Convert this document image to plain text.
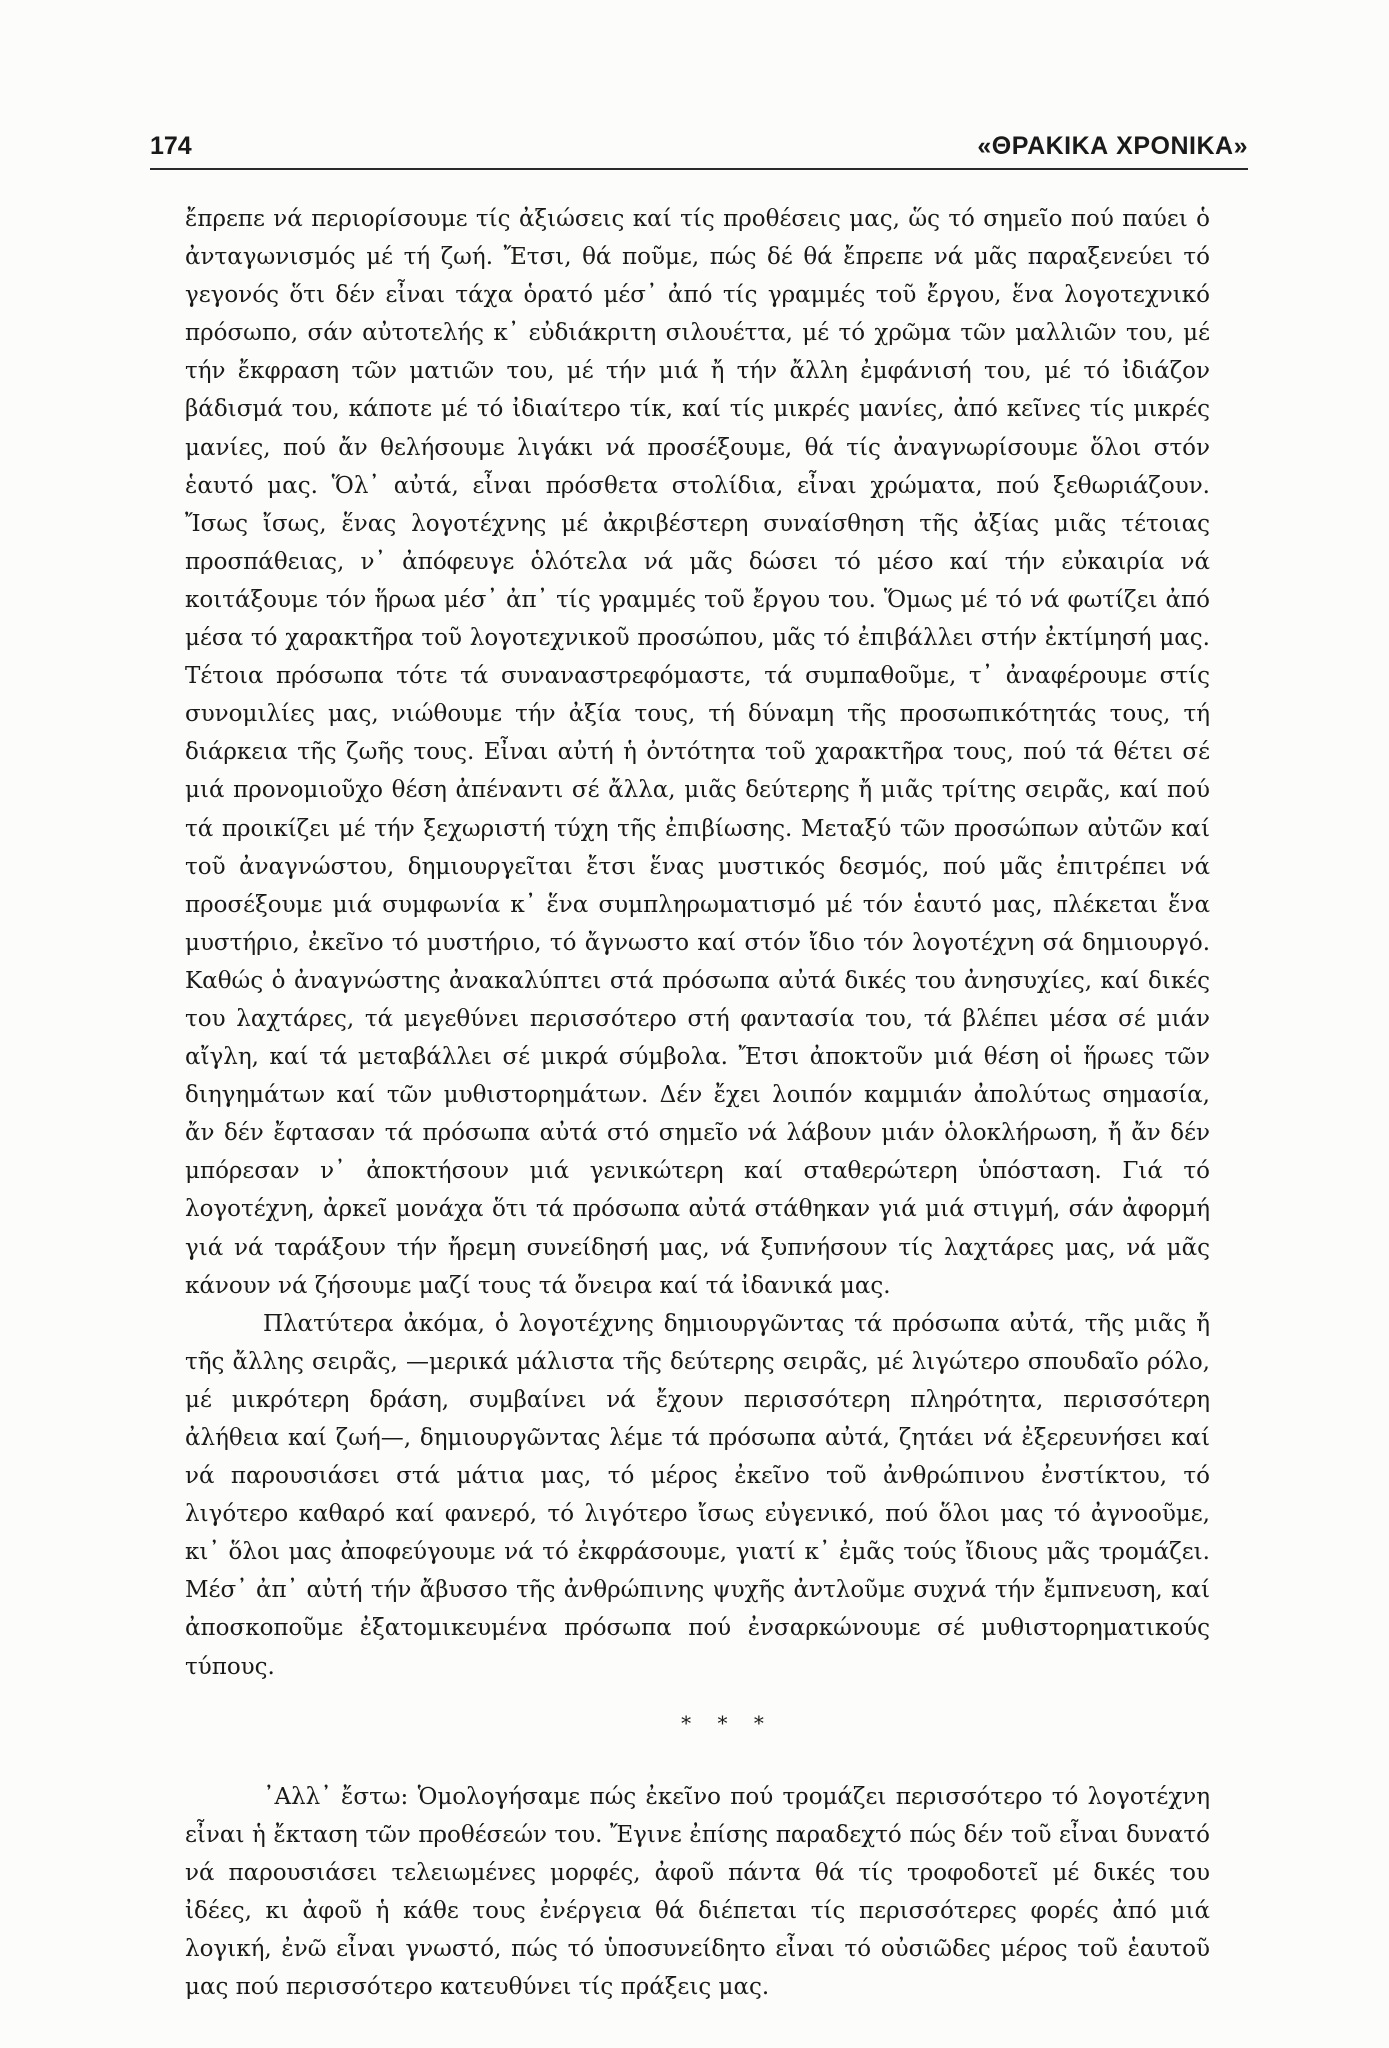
174	«ΘΡΑΚΙΚΑ ΧΡΟΝΙΚΑ»

ἔπρεπε νά περιορίσουμε τίς ἀξιώσεις καί τίς προθέσεις μας, ὥς τό σημεῖο πού παύει ὁ ἀνταγωνισμός μέ τή ζωή. Ἔτσι, θά ποῦμε, πώς δέ θά ἔπρεπε νά μᾶς παραξενεύει τό γεγονός ὅτι δέν εἶναι τάχα ὁρατό μέσ᾽ ἀπό τίς γραμμές τοῦ ἔργου, ἕνα λογοτεχνικό πρόσωπο, σάν αὐτοτελής κ᾽ εὐδιάκριτη σιλουέττα, μέ τό χρῶμα τῶν μαλλιῶν του, μέ τήν ἔκφραση τῶν ματιῶν του, μέ τήν μιά ἤ τήν ἄλλη ἐμφάνισή του, μέ τό ἰδιάζον βάδισμά του, κάποτε μέ τό ἰδιαίτερο τίκ, καί τίς μικρές μανίες, ἀπό κεῖνες τίς μικρές μανίες, πού ἄν θελήσουμε λιγάκι νά προσέξουμε, θά τίς ἀναγνωρίσουμε ὅλοι στόν ἑαυτό μας. Ὅλ᾽ αὐτά, εἶναι πρόσθετα στολίδια, εἶναι χρώματα, πού ξεθωριάζουν. Ἴσως ἴσως, ἕνας λογοτέχνης μέ ἀκριβέστερη συναίσθηση τῆς ἀξίας μιᾶς τέτοιας προσπάθειας, ν᾽ ἀπόφευγε ὁλότελα νά μᾶς δώσει τό μέσο καί τήν εὐκαιρία νά κοιτάξουμε τόν ἥρωα μέσ᾽ ἀπ᾽ τίς γραμμές τοῦ ἔργου του. Ὅμως μέ τό νά φωτίζει ἀπό μέσα τό χαρακτῆρα τοῦ λογοτεχνικοῦ προσώπου, μᾶς τό ἐπιβάλλει στήν ἐκτίμησή μας. Τέτοια πρόσωπα τότε τά συναναστρεφόμαστε, τά συμπαθοῦμε, τ᾽ ἀναφέρουμε στίς συνομιλίες μας, νιώθουμε τήν ἀξία τους, τή δύναμη τῆς προσωπικότητάς τους, τή διάρκεια τῆς ζωῆς τους. Εἶναι αὐτή ἡ ὀντότητα τοῦ χαρακτῆρα τους, πού τά θέτει σέ μιά προνομιοῦχο θέση ἀπέναντι σέ ἄλλα, μιᾶς δεύτερης ἤ μιᾶς τρίτης σειρᾶς, καί πού τά προικίζει μέ τήν ξεχωριστή τύχη τῆς ἐπιβίωσης. Μεταξύ τῶν προσώπων αὐτῶν καί τοῦ ἀναγνώστου, δημιουργεῖται ἔτσι ἕνας μυστικός δεσμός, πού μᾶς ἐπιτρέπει νά προσέξουμε μιά συμφωνία κ᾽ ἕνα συμπληρωματισμό μέ τόν ἑαυτό μας, πλέκεται ἕνα μυστήριο, ἐκεῖνο τό μυστήριο, τό ἄγνωστο καί στόν ἴδιο τόν λογοτέχνη σά δημιουργό. Καθώς ὁ ἀναγνώστης ἀνακαλύπτει στά πρόσωπα αὐτά δικές του ἀνησυχίες, καί δικές του λαχτάρες, τά μεγεθύνει περισσότερο στή φαντασία του, τά βλέπει μέσα σέ μιάν αἴγλη, καί τά μεταβάλλει σέ μικρά σύμβολα. Ἔτσι ἀποκτοῦν μιά θέση οἱ ἥρωες τῶν διηγημάτων καί τῶν μυθιστορημάτων. Δέν ἔχει λοιπόν καμμιάν ἀπολύτως σημασία, ἄν δέν ἔφτασαν τά πρόσωπα αὐτά στό σημεῖο νά λάβουν μιάν ὁλοκλήρωση, ἤ ἄν δέν μπόρεσαν ν᾽ ἀποκτήσουν μιά γενικώτερη καί σταθερώτερη ὑπόσταση. Γιά τό λογοτέχνη, ἀρκεῖ μονάχα ὅτι τά πρόσωπα αὐτά στάθηκαν γιά μιά στιγμή, σάν ἀφορμή γιά νά ταράξουν τήν ἤρεμη συνείδησή μας, νά ξυπνήσουν τίς λαχτάρες μας, νά μᾶς κάνουν νά ζήσουμε μαζί τους τά ὄνειρα καί τά ἰδανικά μας.

Πλατύτερα ἀκόμα, ὁ λογοτέχνης δημιουργῶντας τά πρόσωπα αὐτά, τῆς μιᾶς ἤ τῆς ἄλλης σειρᾶς, —μερικά μάλιστα τῆς δεύτερης σειρᾶς, μέ λιγώτερο σπουδαῖο ρόλο, μέ μικρότερη δράση, συμβαίνει νά ἔχουν περισσότερη πληρότητα, περισσότερη ἀλήθεια καί ζωή—, δημιουργῶντας λέμε τά πρόσωπα αὐτά, ζητάει νά ἐξερευνήσει καί νά παρουσιάσει στά μάτια μας, τό μέρος ἐκεῖνο τοῦ ἀνθρώπινου ἐνστίκτου, τό λιγότερο καθαρό καί φανερό, τό λιγότερο ἴσως εὐγενικό, πού ὅλοι μας τό ἀγνοοῦμε, κι᾽ ὅλοι μας ἀποφεύγουμε νά τό ἐκφράσουμε, γιατί κ᾽ ἐμᾶς τούς ἴδιους μᾶς τρομάζει. Μέσ᾽ ἀπ᾽ αὐτή τήν ἄβυσσο τῆς ἀνθρώπινης ψυχῆς ἀντλοῦμε συχνά τήν ἔμπνευση, καί ἀποσκοποῦμε ἐξατομικευμένα πρόσωπα πού ἐνσαρκώνουμε σέ μυθιστορηματικούς τύπους.

* * *

᾽Αλλ᾽ ἔστω: Ὁμολογήσαμε πώς ἐκεῖνο πού τρομάζει περισσότερο τό λογοτέχνη εἶναι ἡ ἔκταση τῶν προθέσεών του. Ἔγινε ἐπίσης παραδεχτό πώς δέν τοῦ εἶναι δυνατό νά παρουσιάσει τελειωμένες μορφές, ἀφοῦ πάντα θά τίς τροφοδοτεῖ μέ δικές του ἰδέες, κι ἀφοῦ ἡ κάθε τους ἐνέργεια θά διέπεται τίς περισσότερες φορές ἀπό μιά λογική, ἐνῶ εἶναι γνωστό, πώς τό ὑποσυνείδητο εἶναι τό οὐσιῶδες μέρος τοῦ ἑαυτοῦ μας πού περισσότερο κατευθύνει τίς πράξεις μας.
